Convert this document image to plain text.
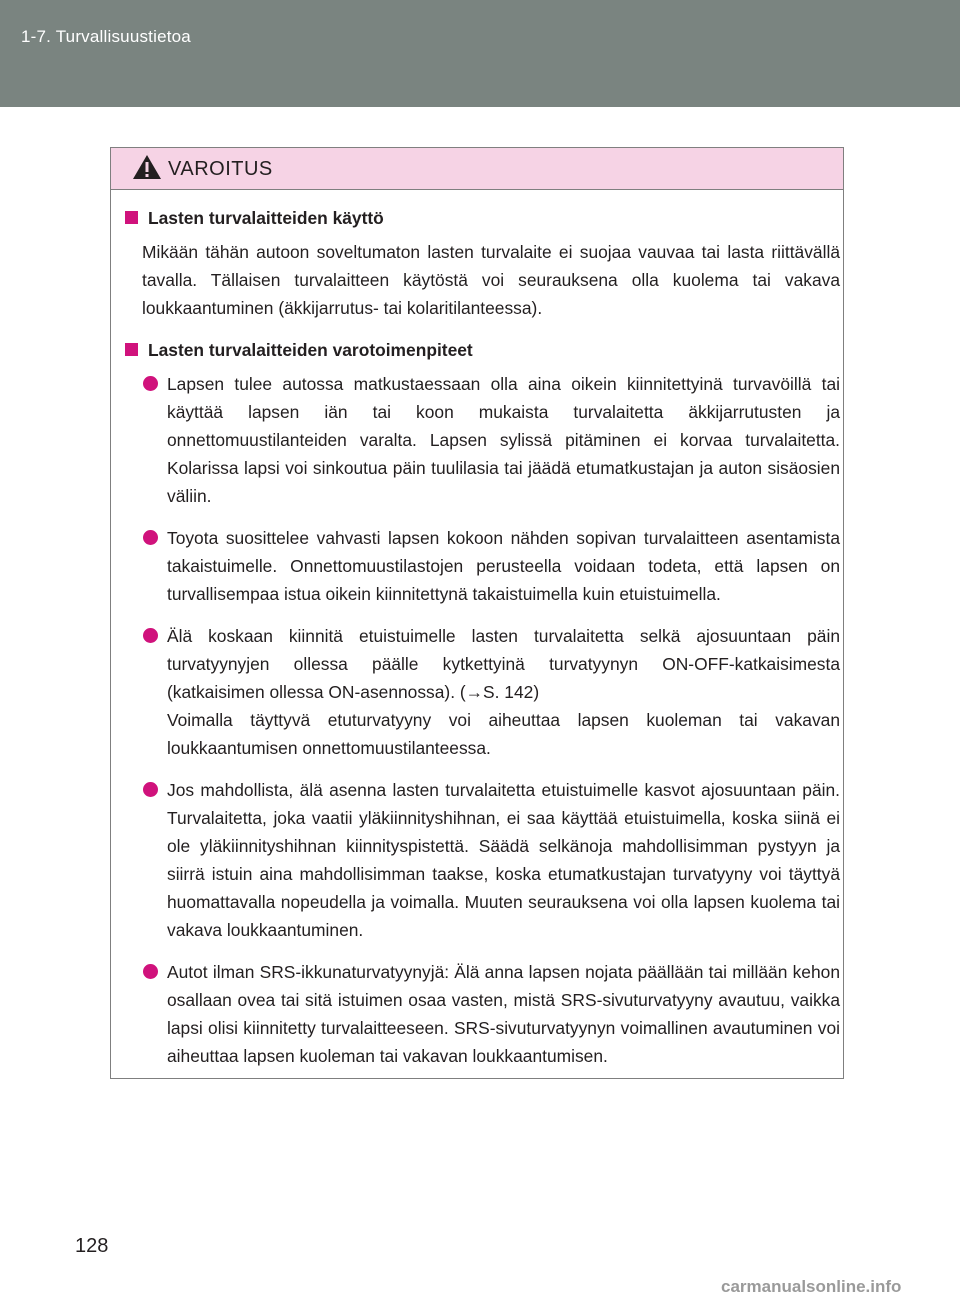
1-7. Turvallisuustietoa
VAROITUS
Lasten turvalaitteiden käyttö
Mikään tähän autoon soveltumaton lasten turvalaite ei suojaa vauvaa tai lasta riittävällä tavalla. Tällaisen turvalaitteen käytöstä voi seurauksena olla kuolema tai vakava loukkaantuminen (äkkijarrutus- tai kolaritilanteessa).
Lasten turvalaitteiden varotoimenpiteet
Lapsen tulee autossa matkustaessaan olla aina oikein kiinnitettyinä turvavöillä tai käyttää lapsen iän tai koon mukaista turvalaitetta äkkijarrutusten ja onnettomuustilanteiden varalta. Lapsen sylissä pitäminen ei korvaa turvalaitetta. Kolarissa lapsi voi sinkoutua päin tuulilasia tai jäädä etumatkustajan ja auton sisäosien väliin.
Toyota suosittelee vahvasti lapsen kokoon nähden sopivan turvalaitteen asentamista takaistuimelle. Onnettomuustilastojen perusteella voidaan todeta, että lapsen on turvallisempaa istua oikein kiinnitettynä takaistuimella kuin etuistuimella.
Älä koskaan kiinnitä etuistuimelle lasten turvalaitetta selkä ajosuuntaan päin turvatyynyjen ollessa päälle kytkettyinä turvatyynyn ON-OFF-katkaisimesta (katkaisimen ollessa ON-asennossa). (→S. 142)
Voimalla täyttyvä etuturvatyyny voi aiheuttaa lapsen kuoleman tai vakavan loukkaantumisen onnettomuustilanteessa.
Jos mahdollista, älä asenna lasten turvalaitetta etuistuimelle kasvot ajosuuntaan päin. Turvalaitetta, joka vaatii yläkiinnityshihnan, ei saa käyttää etuistuimella, koska siinä ei ole yläkiinnityshihnan kiinnityspistettä. Säädä selkänoja mahdollisimman pystyyn ja siirrä istuin aina mahdollisimman taakse, koska etumatkustajan turvatyyny voi täyttyä huomattavalla nopeudella ja voimalla. Muuten seurauksena voi olla lapsen kuolema tai vakava loukkaantuminen.
Autot ilman SRS-ikkunaturvatyynyjä: Älä anna lapsen nojata päällään tai millään kehon osallaan ovea tai sitä istuimen osaa vasten, mistä SRS-sivuturvatyyny avautuu, vaikka lapsi olisi kiinnitetty turvalaitteeseen. SRS-sivuturvatyynyn voimallinen avautuminen voi aiheuttaa lapsen kuoleman tai vakavan loukkaantumisen.
128
carmanualsonline.info
